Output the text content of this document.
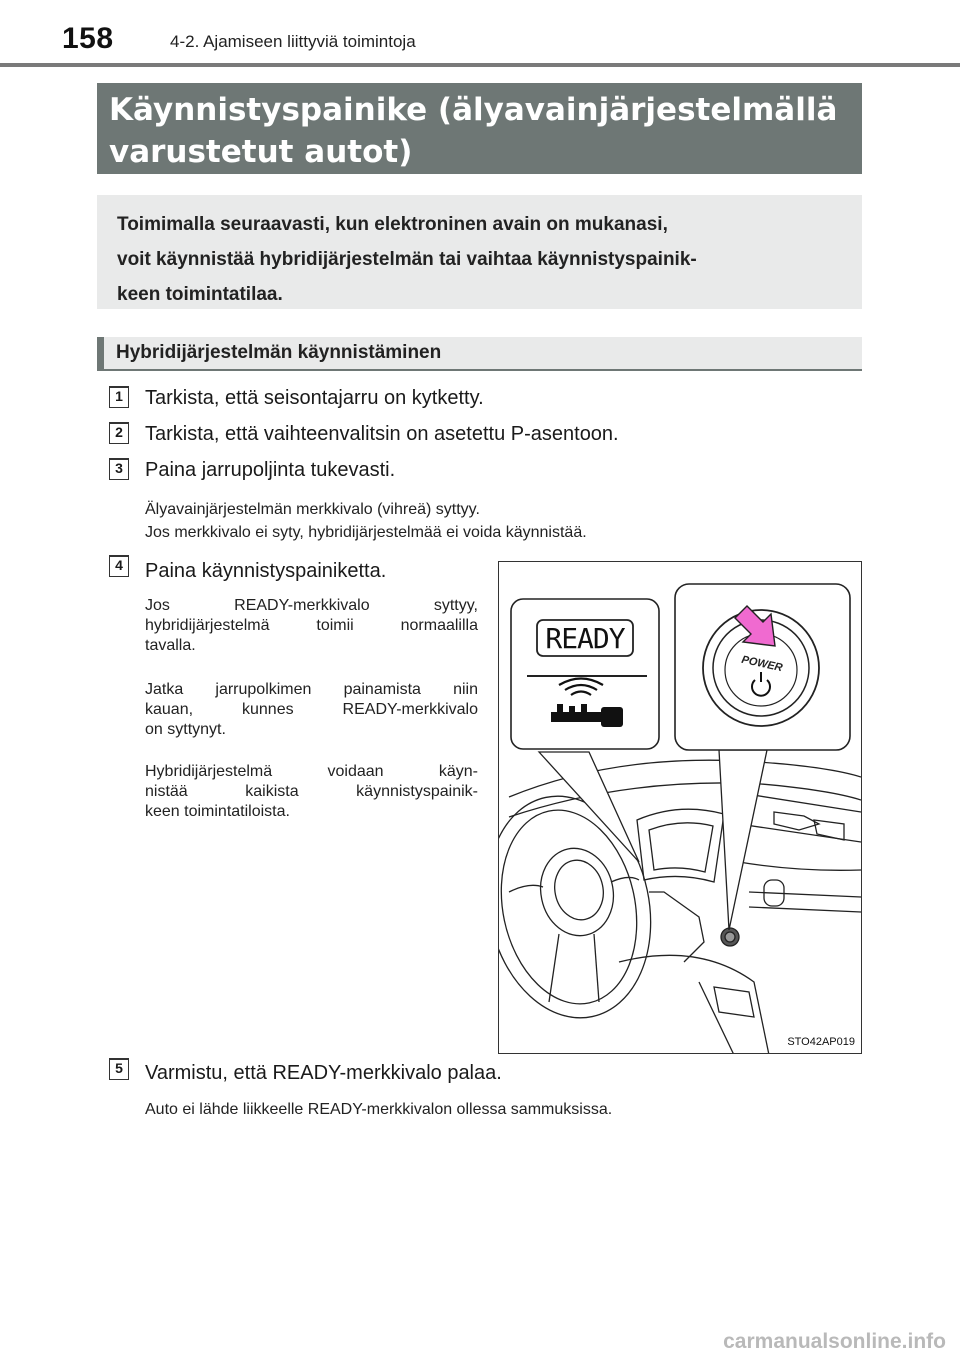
158	4-2. Ajamiseen liittyviä toimintoja
Käynnistyspainike (älyavainjärjestelmällä
varustetut autot)
Toimimalla seuraavasti, kun elektroninen avain on mukanasi,
voit käynnistää hybridijärjestelmän tai vaihtaa käynnistyspainik-
keen toimintatilaa.
Hybridijärjestelmän käynnistäminen
1	Tarkista, että seisontajarru on kytketty.
2	Tarkista, että vaihteenvalitsin on asetettu P-asentoon.
3	Paina jarrupoljinta tukevasti.
Älyavainjärjestelmän merkkivalo (vihreä) syttyy.
Jos merkkivalo ei syty, hybridijärjestelmää ei voida käynnistää.
4	Paina käynnistyspainiketta.
Jos READY-merkkivalo syttyy,
hybridijärjestelmä toimii normaalilla
tavalla.
Jatka jarrupolkimen painamista niin
kauan, kunnes READY-merkkivalo
on syttynyt.
Hybridijärjestelmä voidaan käyn-
nistää kaikista käynnistyspainik-
keen toimintatiloista.
READY
POWER
STO42AP019
5	Varmistu, että READY-merkkivalo palaa.
Auto ei lähde liikkeelle READY-merkkivalon ollessa sammuksissa.
carmanualsonline.info
